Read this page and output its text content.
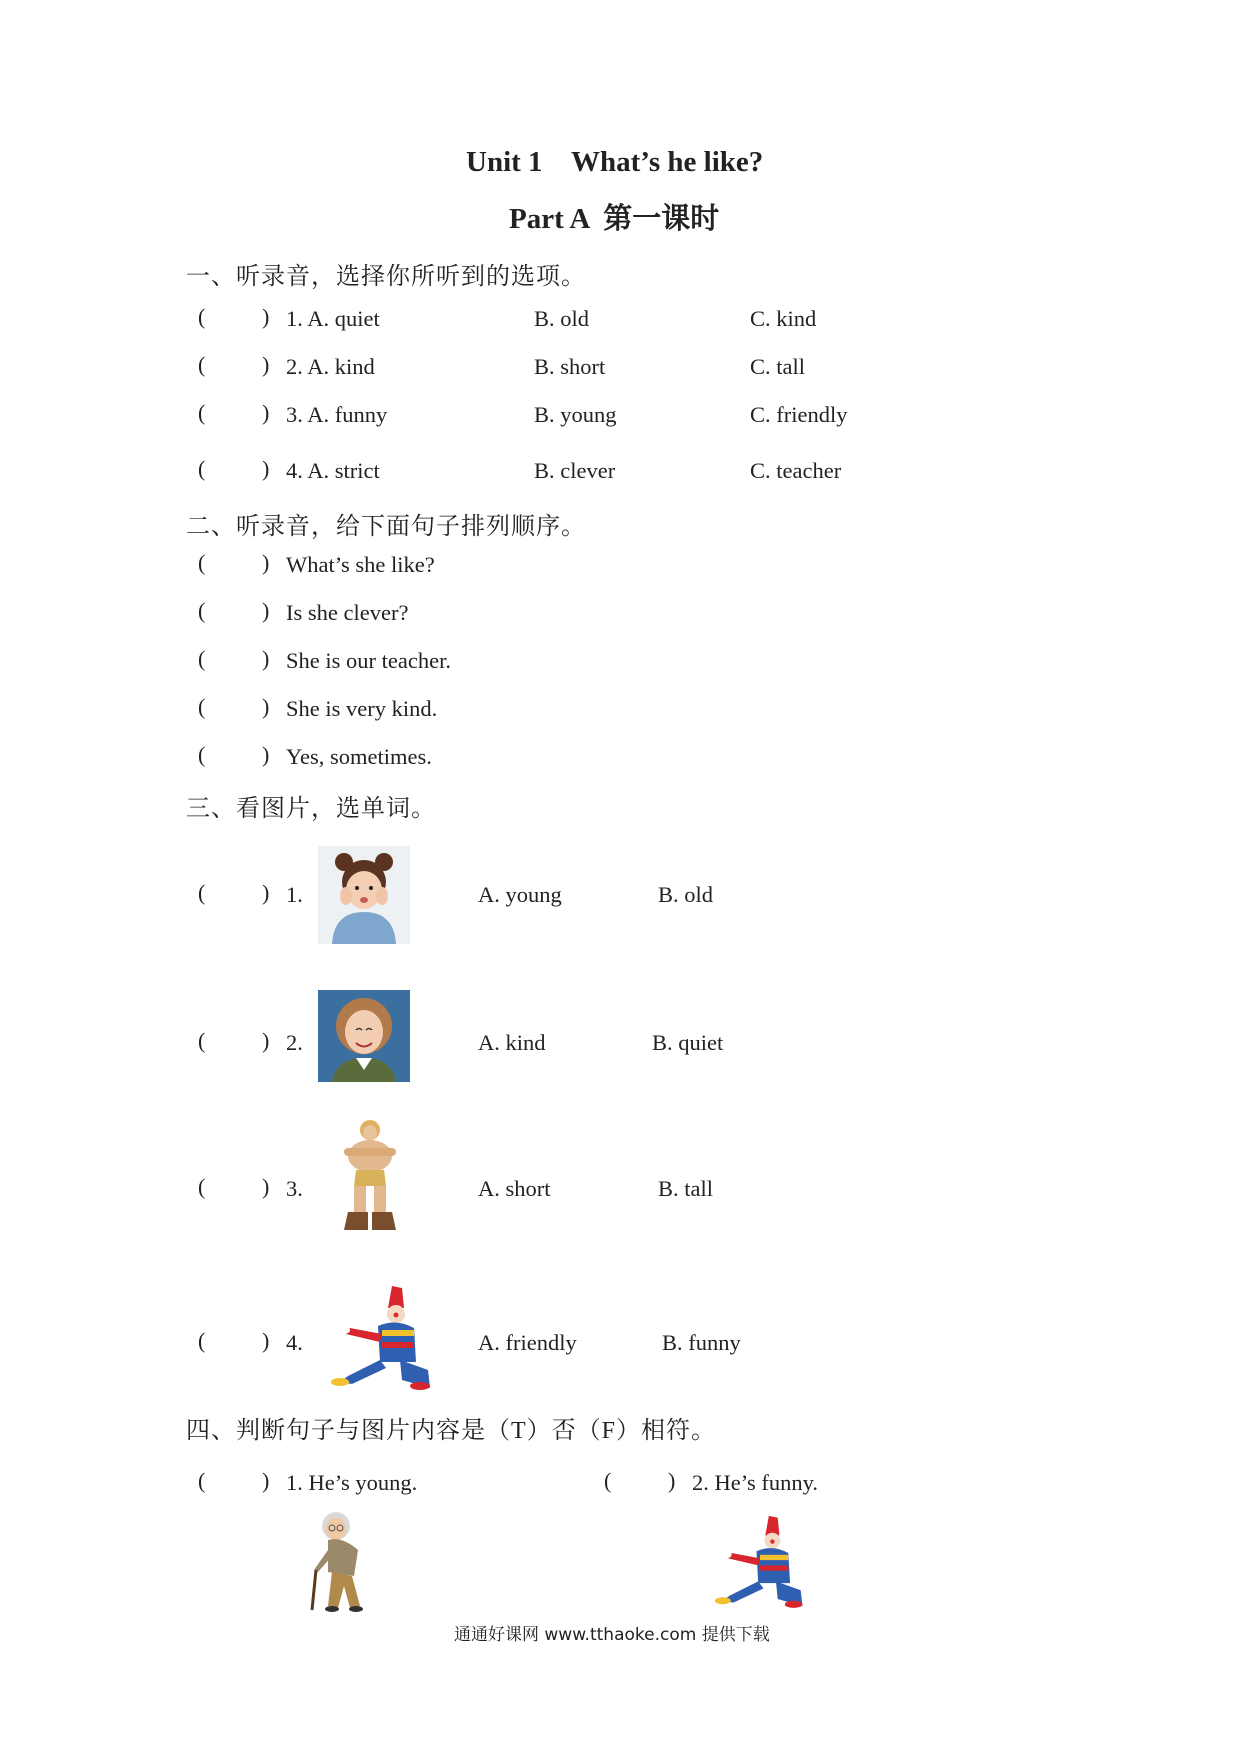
Unit 1    What’s he like?
Part A  第一课时
一、听录音，选择你所听到的选项。
(	) 1. A. quiet	B. old	C. kind
(	) 2. A. kind	B. short	C. tall
(	) 3. A. funny	B. young	C. friendly
(	) 4. A. strict	B. clever	C. teacher
二、听录音，给下面句子排列顺序。
(	) What’s she like?
(	) Is she clever?
(	) She is our teacher.
(	) She is very kind.
(	) Yes, sometimes.
三、看图片，选单词。
(	) 1.	A. young	B. old
(	) 2.	A. kind	B. quiet
(	) 3.	A. short	B. tall
(	) 4.	A. friendly	B. funny
四、判断句子与图片内容是（T）否（F）相符。
(	) 1. He’s young.	(	) 2. He’s funny.
通通好课网 www.tthaoke.com 提供下载
